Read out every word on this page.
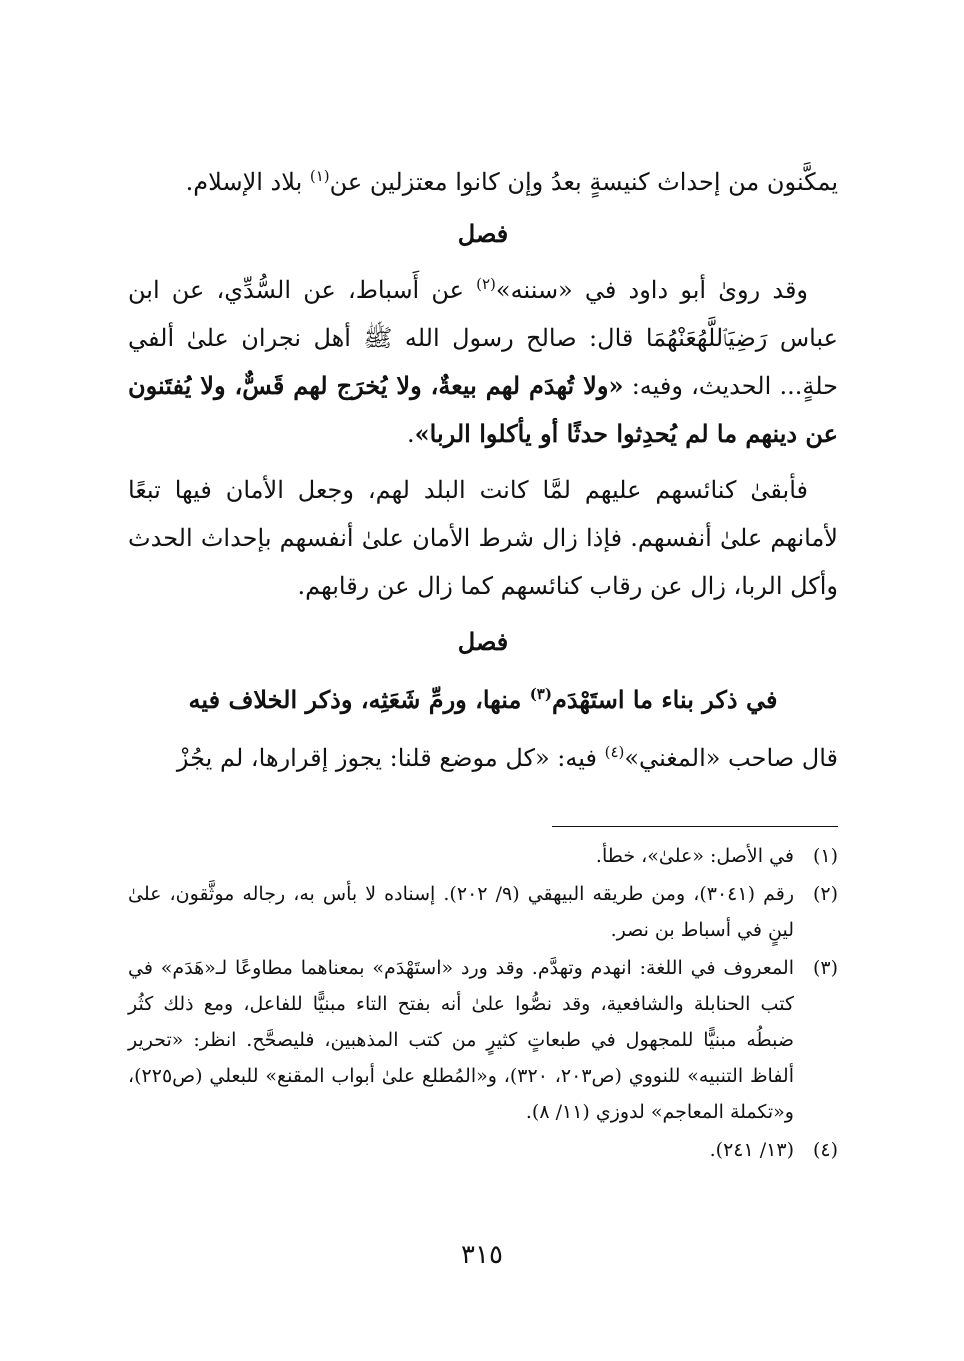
يمكَّنون من إحداث كنيسةٍ بعدُ وإن كانوا معتزلين عن$^{(١)}$ بلاد الإسلام.

فصل

وقد روىٰ أبو داود في «سننه»$^{(٢)}$ عن أَسباط، عن السُّدِّي، عن ابن عباس رَضِيَٱللَّهُعَنْهُمَا قال: صالح رسول الله ﷺ أهل نجران علىٰ ألفي حلةٍ... الحديث، وفيه: «ولا تُهدَم لهم بيعةٌ، ولا يُخرَج لهم قَسٌّ، ولا يُفتَنون عن دينهم ما لم يُحدِثوا حدثًا أو يأكلوا الربا».

فأبقىٰ كنائسهم عليهم لمَّا كانت البلد لهم، وجعل الأمان فيها تبعًا لأمانهم علىٰ أنفسهم. فإذا زال شرط الأمان علىٰ أنفسهم بإحداث الحدث وأكل الربا، زال عن رقاب كنائسهم كما زال عن رقابهم.

فصل

في ذكر بناء ما استَهْدَم$^{(٣)}$ منها، ورمِّ شَعَثِه، وذكر الخلاف فيه

قال صاحب «المغني»$^{(٤)}$ فيه: «كل موضع قلنا: يجوز إقرارها، لم يجُزْ

(١)
في الأصل: «علىٰ»، خطأ.
(٢)
رقم (٣٠٤١)، ومن طريقه البيهقي (٩/ ٢٠٢). إسناده لا بأس به، رجاله موثَّقون، علىٰ لينٍ في أسباط بن نصر.
(٣)
المعروف في اللغة: انهدم وتهدَّم. وقد ورد «استَهْدَم» بمعناهما مطاوعًا لـ«هَدَم» في كتب الحنابلة والشافعية، وقد نصُّوا علىٰ أنه بفتح التاء مبنيًّا للفاعل، ومع ذلك كثُر ضبطُه مبنيًّا للمجهول في طبعاتٍ كثيرٍ من كتب المذهبين، فليصحَّح. انظر: «تحرير ألفاظ التنبيه» للنووي (ص٢٠٣، ٣٢٠)، و«المُطلع علىٰ أبواب المقنع» للبعلي (ص٢٢٥)، و«تكملة المعاجم» لدوزي (١١/ ٨).
(٤)
(١٣/ ٢٤١).
٣١٥
